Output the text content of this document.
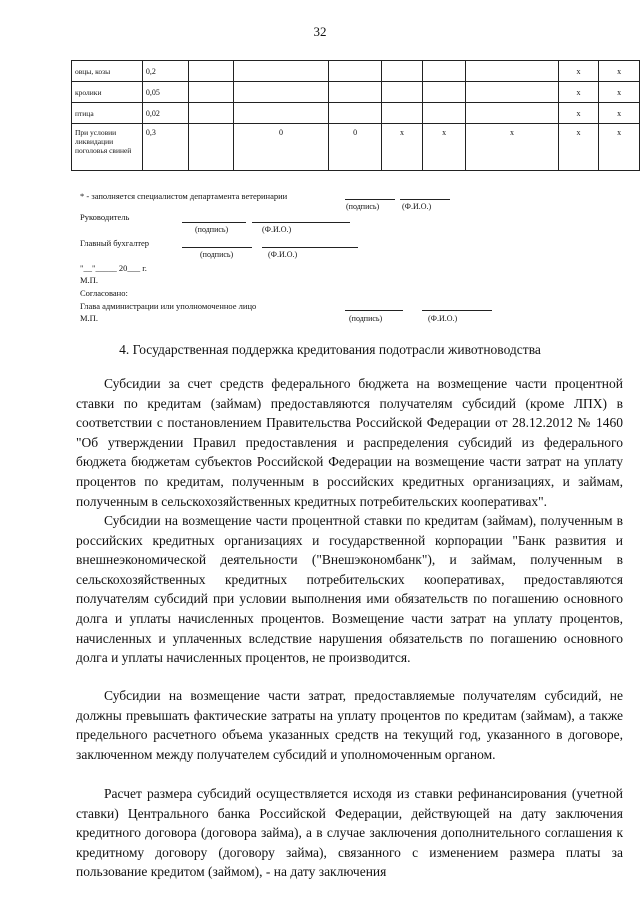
32
овцы, козы	0,2							х	х
кролики	0,05							х	х
птица	0,02							х	х
При условии ликвидации поголовья свиней	0,3		0	0	х	х	х	х	х
* - заполняется специалистом департамента ветеринарии
(подпись)	(Ф.И.О.)
Руководитель
(подпись)	(Ф.И.О.)
Главный бухгалтер
(подпись)	(Ф.И.О.)
"__"_____ 20___ г.
М.П.
Согласовано:
Глава администрации или уполномоченное лицо
М.П.	(подпись)	(Ф.И.О.)
4. Государственная поддержка кредитования подотрасли животноводства

Субсидии за счет средств федерального бюджета на возмещение части процентной ставки по кредитам (займам) предоставляются получателям субсидий (кроме ЛПХ) в соответствии с постановлением Правительства Российской Федерации от 28.12.2012 № 1460 "Об утверждении Правил предоставления и распределения субсидий из федерального бюджета бюджетам субъектов Российской Федерации на возмещение части затрат на уплату процентов по кредитам, полученным в российских кредитных организациях, и займам, полученным в сельскохозяйственных кредитных потребительских кооперативах".

Субсидии на возмещение части процентной ставки по кредитам (займам), полученным в российских кредитных организациях и государственной корпорации "Банк развития и внешнеэкономической деятельности ("Внешэкономбанк"), и займам, полученным в сельскохозяйственных кредитных потребительских кооперативах, предоставляются получателям субсидий при условии выполнения ими обязательств по погашению основного долга и уплаты начисленных процентов. Возмещение части затрат на уплату процентов, начисленных и уплаченных вследствие нарушения обязательств по погашению основного долга и уплаты начисленных процентов, не производится.

Субсидии на возмещение части затрат, предоставляемые получателям субсидий, не должны превышать фактические затраты на уплату процентов по кредитам (займам), а также предельного расчетного объема указанных средств на текущий год, указанного в договоре, заключенном между получателем субсидий и уполномоченным органом.

Расчет размера субсидий осуществляется исходя из ставки рефинансирования (учетной ставки) Центрального банка Российской Федерации, действующей на дату заключения кредитного договора (договора займа), а в случае заключения дополнительного соглашения к кредитному договору (договору займа), связанного с изменением размера платы за пользование кредитом (займом), - на дату заключения
